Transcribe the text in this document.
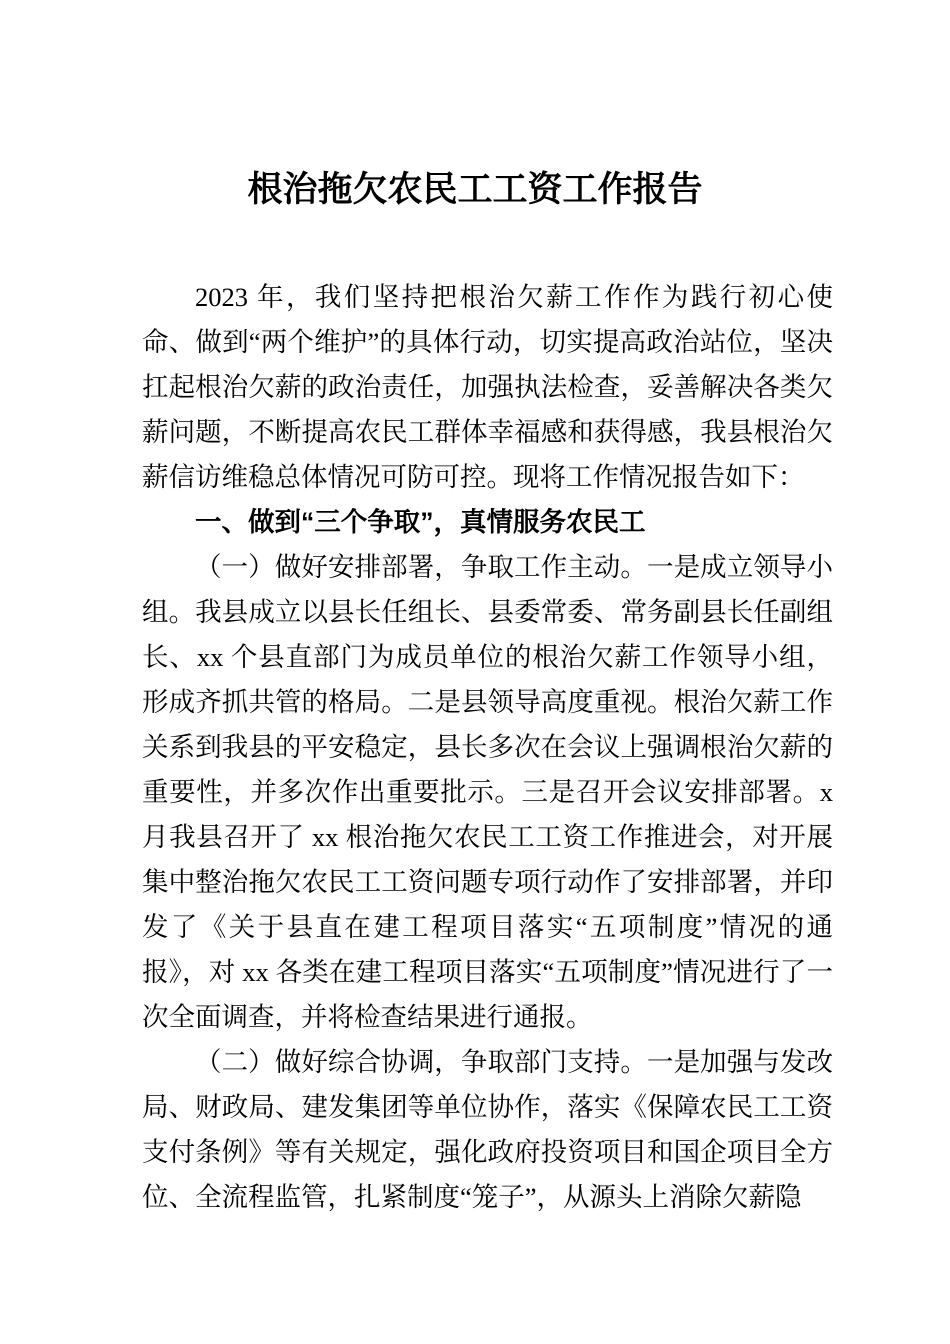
根治拖欠农民工工资工作报告

2023 年，我们坚持把根治欠薪工作作为践行初心使命、做到“两个维护”的具体行动，切实提高政治站位，坚决扛起根治欠薪的政治责任，加强执法检查，妥善解决各类欠薪问题，不断提高农民工群体幸福感和获得感，我县根治欠薪信访维稳总体情况可防可控。现将工作情况报告如下：

一、做到“三个争取”，真情服务农民工

（一）做好安排部署，争取工作主动。一是成立领导小组。我县成立以县长任组长、县委常委、常务副县长任副组长、xx 个县直部门为成员单位的根治欠薪工作领导小组，形成齐抓共管的格局。二是县领导高度重视。根治欠薪工作关系到我县的平安稳定，县长多次在会议上强调根治欠薪的重要性，并多次作出重要批示。三是召开会议安排部署。x 月我县召开了 xx 根治拖欠农民工工资工作推进会，对开展集中整治拖欠农民工工资问题专项行动作了安排部署，并印发了《关于县直在建工程项目落实“五项制度”情况的通报》，对 xx 各类在建工程项目落实“五项制度”情况进行了一次全面调查，并将检查结果进行通报。

（二）做好综合协调，争取部门支持。一是加强与发改局、财政局、建发集团等单位协作，落实《保障农民工工资支付条例》等有关规定，强化政府投资项目和国企项目全方位、全流程监管，扎紧制度“笼子”，从源头上消除欠薪隐
